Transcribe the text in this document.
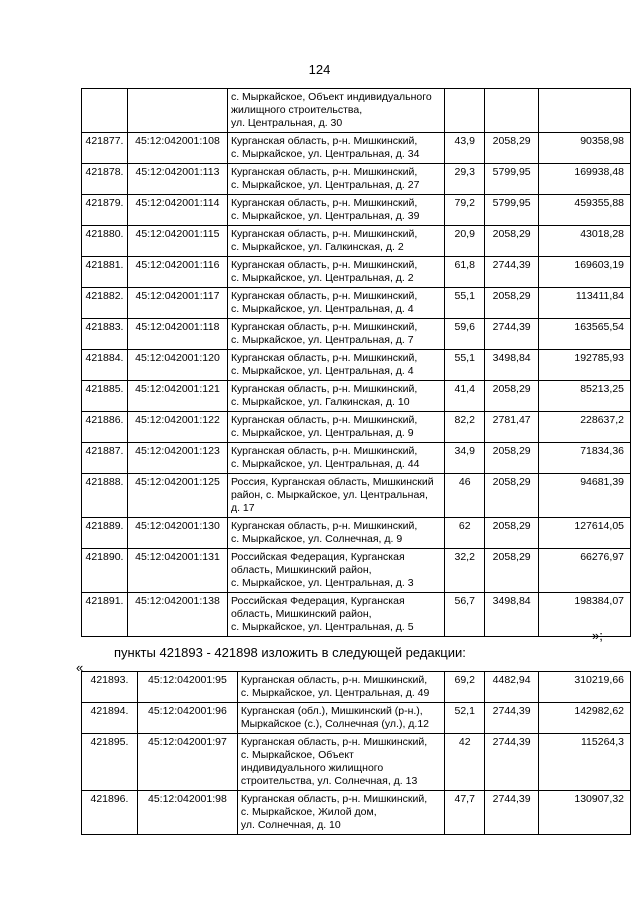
124

		с. Мыркайское, Объект индивидуального
жилищного строительства,
ул. Центральная, д. 30			

421877.	45:12:042001:108	Курганская область, р-н. Мишкинский,
с. Мыркайское, ул. Центральная, д. 34	43,9	2058,29	90358,98
421878.	45:12:042001:113	Курганская область, р-н. Мишкинский,
с. Мыркайское, ул. Центральная, д. 27	29,3	5799,95	169938,48
421879.	45:12:042001:114	Курганская область, р-н. Мишкинский,
с. Мыркайское, ул. Центральная, д. 39	79,2	5799,95	459355,88
421880.	45:12:042001:115	Курганская область, р-н. Мишкинский,
с. Мыркайское, ул. Галкинская, д. 2	20,9	2058,29	43018,28
421881.	45:12:042001:116	Курганская область, р-н. Мишкинский,
с. Мыркайское, ул. Центральная, д. 2	61,8	2744,39	169603,19
421882.	45:12:042001:117	Курганская область, р-н. Мишкинский,
с. Мыркайское, ул. Центральная, д. 4	55,1	2058,29	113411,84
421883.	45:12:042001:118	Курганская область, р-н. Мишкинский,
с. Мыркайское, ул. Центральная, д. 7	59,6	2744,39	163565,54
421884.	45:12:042001:120	Курганская область, р-н. Мишкинский,
с. Мыркайское, ул. Центральная, д. 4	55,1	3498,84	192785,93
421885.	45:12:042001:121	Курганская область, р-н. Мишкинский,
с. Мыркайское, ул. Галкинская, д. 10	41,4	2058,29	85213,25
421886.	45:12:042001:122	Курганская область, р-н. Мишкинский,
с. Мыркайское, ул. Центральная, д. 9	82,2	2781,47	228637,2
421887.	45:12:042001:123	Курганская область, р-н. Мишкинский,
с. Мыркайское, ул. Центральная, д. 44	34,9	2058,29	71834,36
421888.	45:12:042001:125	Россия, Курганская область, Мишкинский
район, с. Мыркайское, ул. Центральная,
д. 17	46	2058,29	94681,39
421889.	45:12:042001:130	Курганская область, р-н. Мишкинский,
с. Мыркайское, ул. Солнечная, д. 9	62	2058,29	127614,05
421890.	45:12:042001:131	Российская Федерация, Курганская
область, Мишкинский район,
с. Мыркайское, ул. Центральная, д. 3	32,2	2058,29	66276,97
421891.	45:12:042001:138	Российская Федерация, Курганская
область, Мишкинский район,
с. Мыркайское, ул. Центральная, д. 5	56,7	3498,84	198384,07
»;
пункты 421893 - 421898 изложить в следующей редакции:
«
421893.	45:12:042001:95	Курганская область, р-н. Мишкинский,
с. Мыркайское, ул. Центральная, д. 49	69,2	4482,94	310219,66
421894.	45:12:042001:96	Курганская (обл.), Мишкинский (р-н.),
Мыркайское (с.), Солнечная (ул.), д.12	52,1	2744,39	142982,62
421895.	45:12:042001:97	Курганская область, р-н. Мишкинский,
с. Мыркайское, Объект
индивидуального жилищного
строительства, ул. Солнечная, д. 13	42	2744,39	115264,3
421896.	45:12:042001:98	Курганская область, р-н. Мишкинский,
с. Мыркайское, Жилой дом,
ул. Солнечная, д. 10	47,7	2744,39	130907,32
